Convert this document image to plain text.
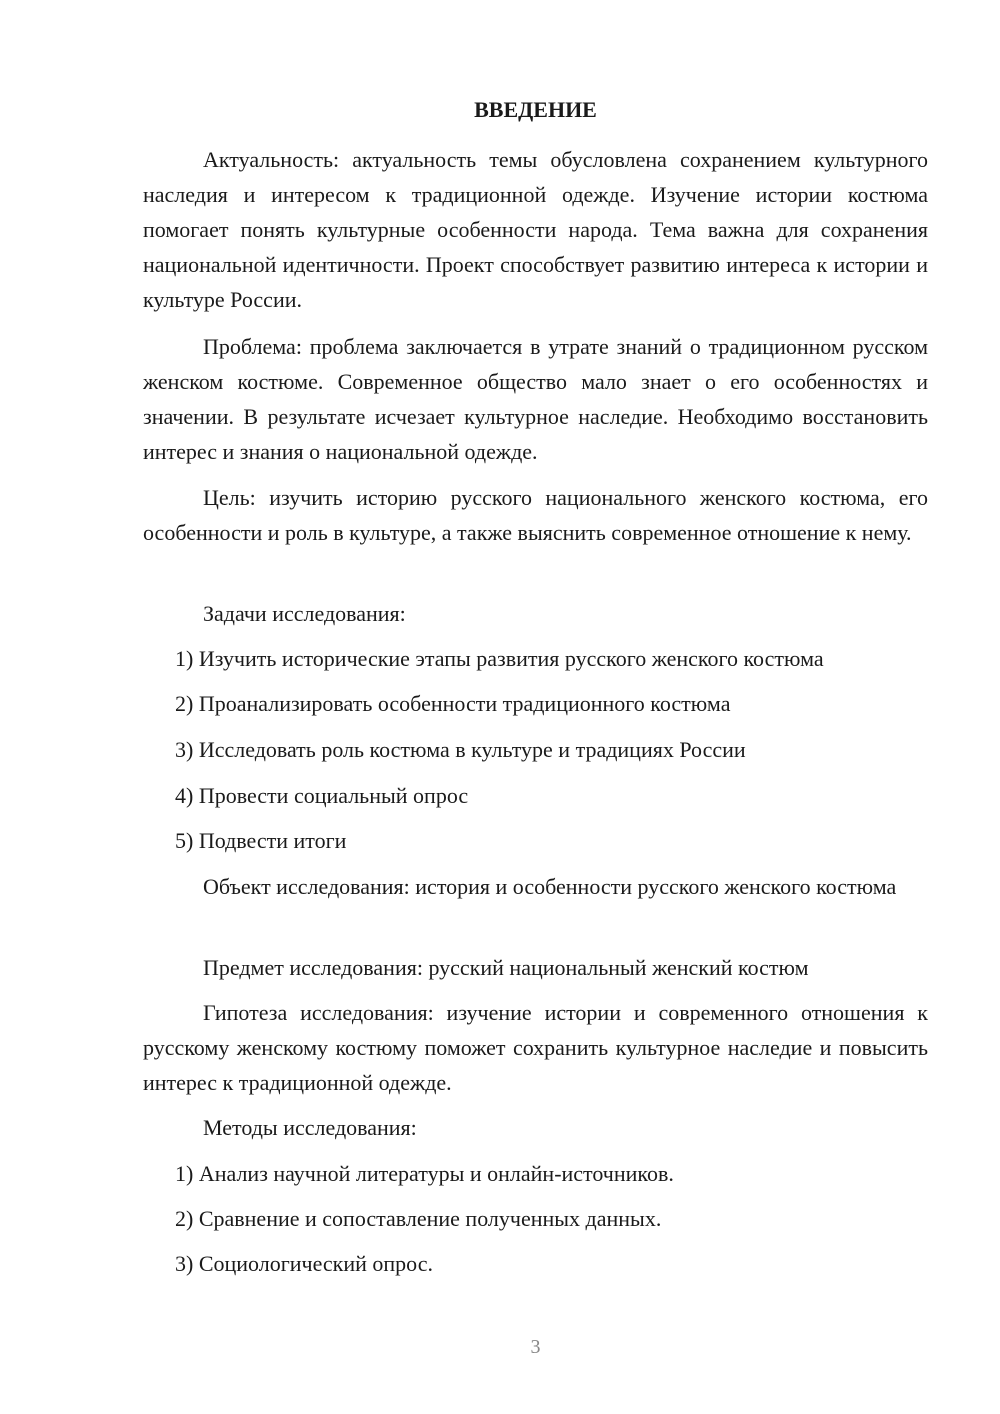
ВВЕДЕНИЕ

Актуальность: актуальность темы обусловлена сохранением культурного наследия и интересом к традиционной одежде. Изучение истории костюма помогает понять культурные особенности народа. Тема важна для сохранения национальной идентичности. Проект способствует развитию интереса к истории и культуре России.

Проблема: проблема заключается в утрате знаний о традиционном русском женском костюме. Современное общество мало знает о его особенностях и значении. В результате исчезает культурное наследие. Необходимо восстановить интерес и знания о национальной одежде.

Цель: изучить историю русского национального женского костюма, его особенности и роль в культуре, а также выяснить современное отношение к нему.

Задачи исследования:

1) Изучить исторические этапы развития русского женского костюма

2) Проанализировать особенности традиционного костюма

3) Исследовать роль костюма в культуре и традициях России

4) Провести социальный опрос

5) Подвести итоги

Объект исследования: история и особенности русского женского костюма

Предмет исследования: русский национальный женский костюм

Гипотеза исследования: изучение истории и современного отношения к русскому женскому костюму поможет сохранить культурное наследие и повысить интерес к традиционной одежде.

Методы исследования:

1) Анализ научной литературы и онлайн-источников.

2) Сравнение и сопоставление полученных данных.

3) Социологический опрос.

3
